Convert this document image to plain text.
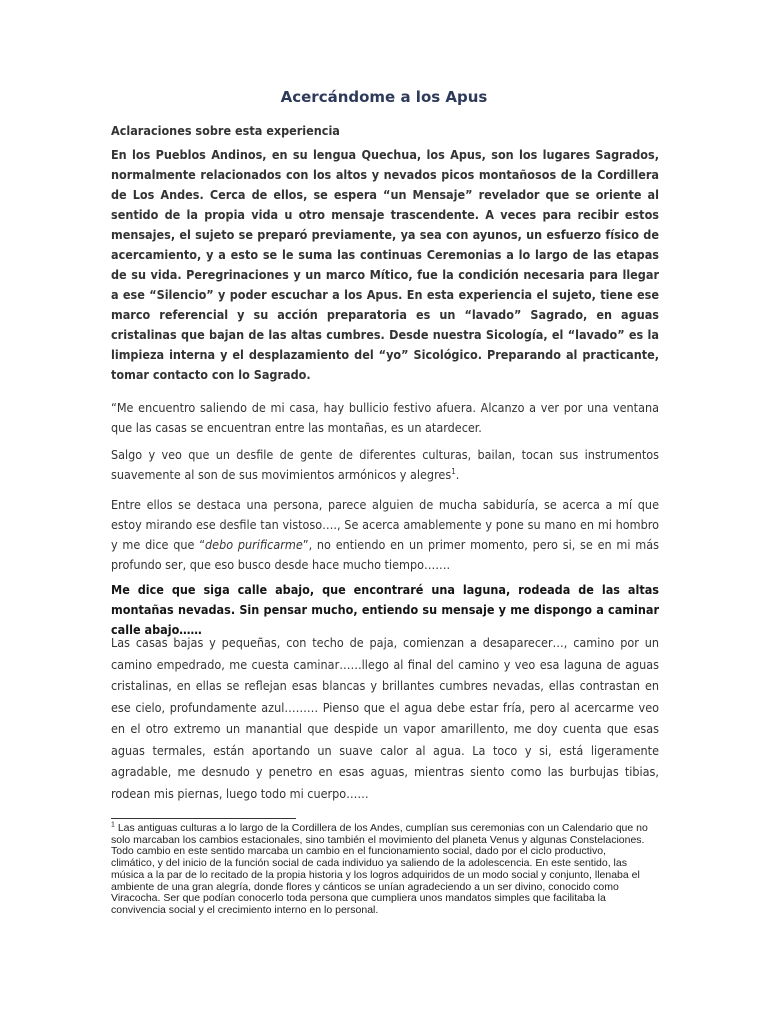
Acercándome a los Apus
Aclaraciones sobre esta experiencia

En los Pueblos Andinos, en su lengua Quechua, los Apus, son los lugares Sagrados, normalmente relacionados con los altos y nevados picos montañosos de la Cordillera de Los Andes. Cerca de ellos, se espera “un Mensaje” revelador que se oriente al sentido de la propia vida u otro mensaje trascendente. A veces para recibir estos mensajes, el sujeto se preparó previamente, ya sea con ayunos, un esfuerzo físico de acercamiento, y a esto se le suma las continuas Ceremonias a lo largo de las etapas de su vida. Peregrinaciones y un marco Mítico, fue la condición necesaria para llegar a ese “Silencio” y poder escuchar a los Apus. En esta experiencia el sujeto, tiene ese marco referencial y su acción preparatoria es un “lavado” Sagrado, en aguas cristalinas que bajan de las altas cumbres. Desde nuestra Sicología, el “lavado” es la limpieza interna y el desplazamiento del “yo” Sicológico. Preparando al practicante, tomar contacto con lo Sagrado.

“Me encuentro saliendo de mi casa, hay bullicio festivo afuera. Alcanzo a ver por una ventana que las casas se encuentran entre las montañas, es un atardecer.

Salgo y veo que un desfile de gente de diferentes culturas, bailan, tocan sus instrumentos suavemente al son de sus movimientos armónicos y alegres$^1$.

Entre ellos se destaca una persona, parece alguien de mucha sabiduría, se acerca a mí que estoy mirando ese desfile tan vistoso…., Se acerca amablemente y pone su mano en mi hombro y me dice que “debo purificarme”, no entiendo en un primer momento, pero si, se en mi más profundo ser, que eso busco desde hace mucho tiempo…….

Me dice que siga calle abajo, que encontraré una laguna, rodeada de las altas montañas nevadas. Sin pensar mucho, entiendo su mensaje y me dispongo a caminar calle abajo……

Las casas bajas y pequeñas, con techo de paja, comienzan a desaparecer…, camino por un camino empedrado, me cuesta caminar……llego al final del camino y veo esa laguna de aguas cristalinas, en ellas se reflejan esas blancas y brillantes cumbres nevadas, ellas contrastan en ese cielo, profundamente azul……… Pienso que el agua debe estar fría, pero al acercarme veo en el otro extremo un manantial que despide un vapor amarillento, me doy cuenta que esas aguas termales, están aportando un suave calor al agua. La toco y si, está ligeramente agradable, me desnudo y penetro en esas aguas, mientras siento como las burbujas tibias, rodean mis piernas, luego todo mi cuerpo……

$^1$ Las antiguas culturas a lo largo de la Cordillera de los Andes, cumplían sus ceremonias con un Calendario que no solo marcaban los cambios estacionales, sino también el movimiento del planeta Venus y algunas Constelaciones. Todo cambio en este sentido marcaba un cambio en el funcionamiento social, dado por el ciclo productivo, climático, y del inicio de la función social de cada individuo ya saliendo de la adolescencia. En este sentido, las música a la par de lo recitado de la propia historia y los logros adquiridos de un modo social y conjunto, llenaba el ambiente de una gran alegría, donde flores y cánticos se unían agradeciendo a un ser divino, conocido como Viracocha. Ser que podían conocerlo toda persona que cumpliera unos mandatos simples que facilitaba la convivencia social y el crecimiento interno en lo personal.
